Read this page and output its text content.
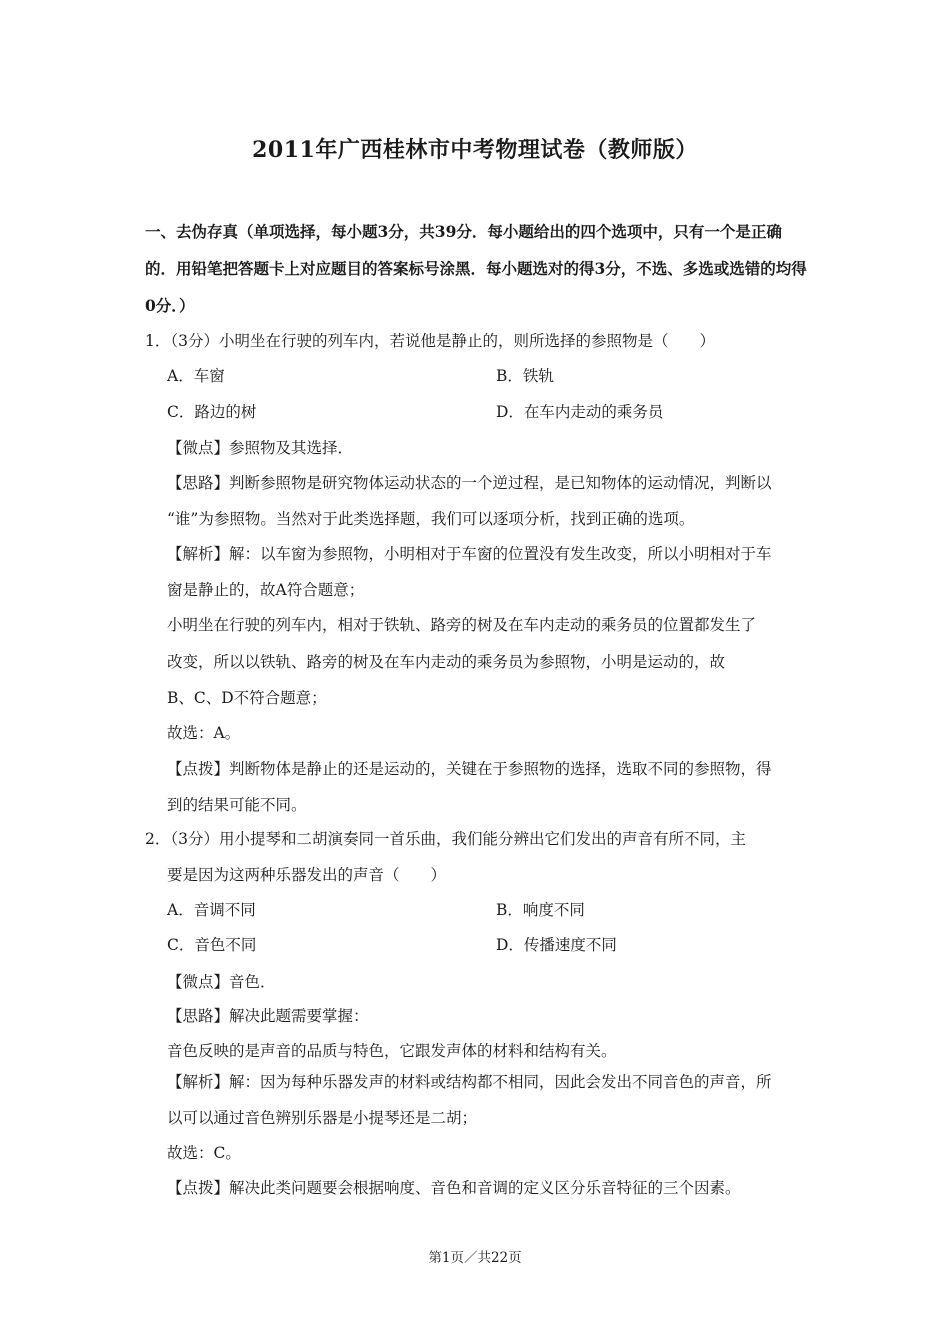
2011年广西桂林市中考物理试卷（教师版）
一、去伪存真（单项选择，每小题3分，共39分．每小题给出的四个选项中，只有一个是正确的．用铅笔把答题卡上对应题目的答案标号涂黑．每小题选对的得3分，不选、多选或选错的均得0分．）
1．（3分）小明坐在行驶的列车内，若说他是静止的，则所选择的参照物是（　　）
A．车窗	B．铁轨
C．路边的树	D．在车内走动的乘务员
【微点】参照物及其选择．
【思路】判断参照物是研究物体运动状态的一个逆过程，是已知物体的运动情况，判断以
“谁”为参照物。当然对于此类选择题，我们可以逐项分析，找到正确的选项。
【解析】解：以车窗为参照物，小明相对于车窗的位置没有发生改变，所以小明相对于车
窗是静止的，故A符合题意；
小明坐在行驶的列车内，相对于铁轨、路旁的树及在车内走动的乘务员的位置都发生了
改变，所以以铁轨、路旁的树及在车内走动的乘务员为参照物，小明是运动的，故
B、C、D不符合题意；
故选：A。
【点拨】判断物体是静止的还是运动的，关键在于参照物的选择，选取不同的参照物，得
到的结果可能不同。
2．（3分）用小提琴和二胡演奏同一首乐曲，我们能分辨出它们发出的声音有所不同，主
要是因为这两种乐器发出的声音（　　）
A．音调不同	B．响度不同
C．音色不同	D．传播速度不同
【微点】音色．
【思路】解决此题需要掌握：
音色反映的是声音的品质与特色，它跟发声体的材料和结构有关。
【解析】解：因为每种乐器发声的材料或结构都不相同，因此会发出不同音色的声音，所
以可以通过音色辨别乐器是小提琴还是二胡；
故选：C。
【点拨】解决此类问题要会根据响度、音色和音调的定义区分乐音特征的三个因素。
第1页／共22页
